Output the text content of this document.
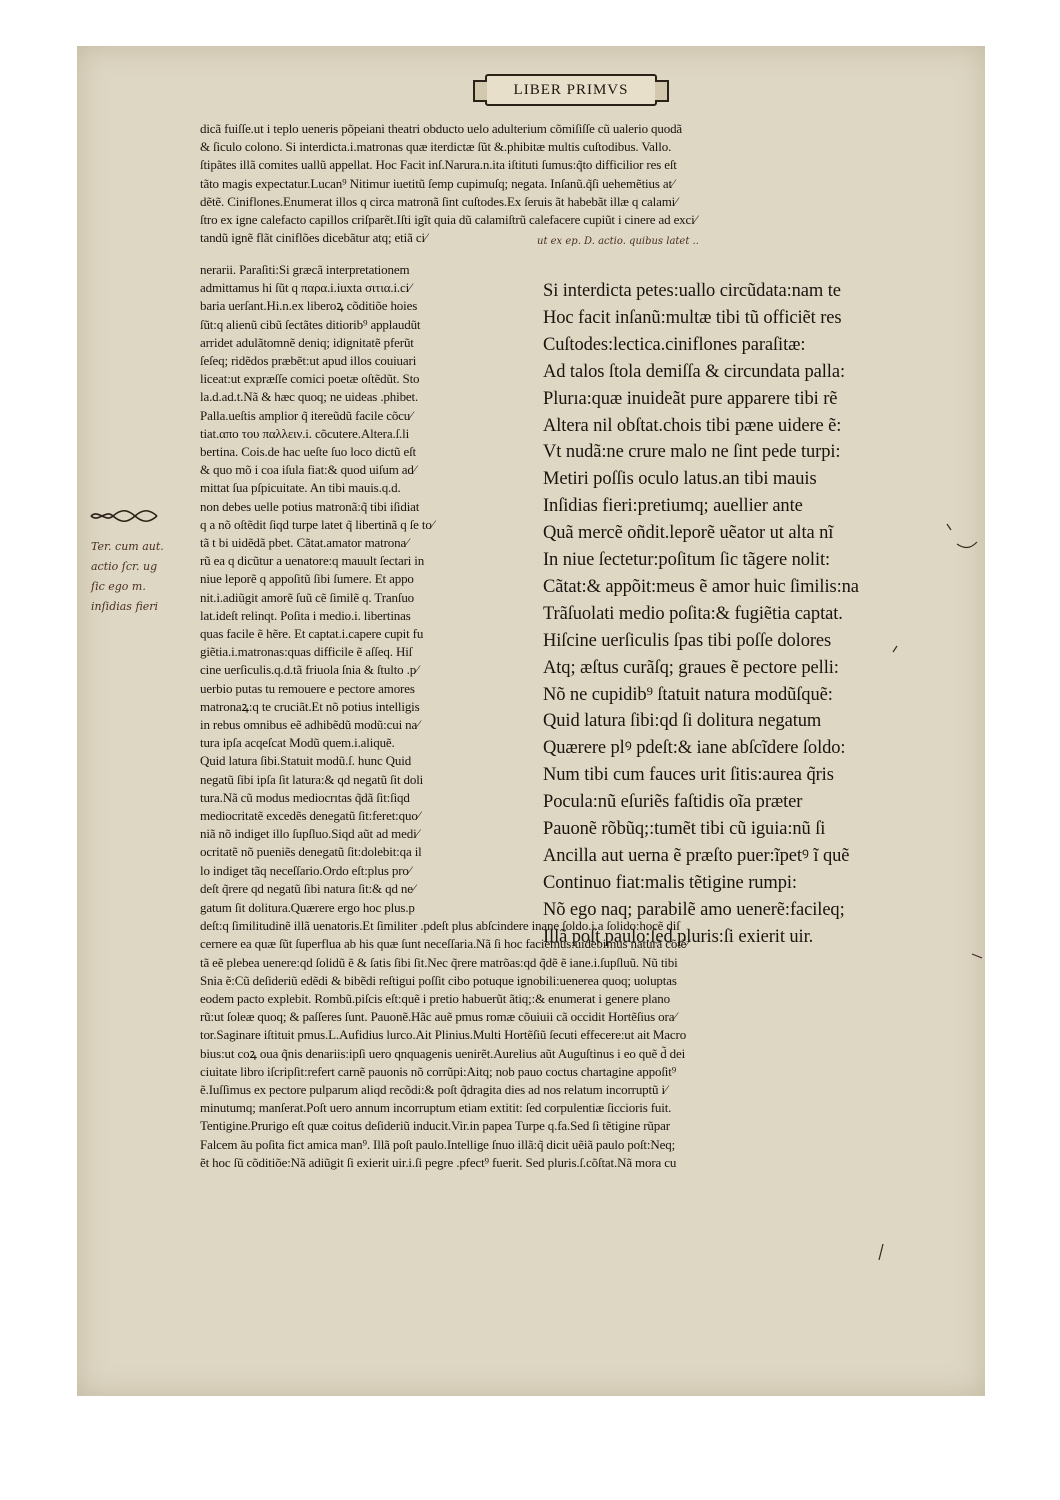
LIBER PRIMVS
dicã fuiſſe.ut i teplo ueneris põpeiani theatri obducto uelo adulterium cõmiſiſſe cũ ualerio quodã
& ſiculo colono. Si interdicta.i.matronas quæ iterdictæ ſũt &.phibitæ multis cuſtodibus. Vallo.
ſtipãtes illã comites uallũ appellat. Hoc Facit inſ.Narura.n.ita iſtituti ſumus:q̃to difficilior res eſt
tãto magis expectatur.Lucan⁹ Nitimur iuetitũ ſemp cupimuſq; negata. Inſanũ.q̃ſi uehemẽtius at⁄
dẽtẽ. Ciniflones.Enumerat illos q circa matronã ſint cuſtodes.Ex ſeruis ãt habebãt illæ q calami⁄
ſtro ex igne calefacto capillos criſparẽt.Iſti igĩt quia dũ calamiſtrũ calefacere cupiũt i cinere ad exci⁄
tandũ ignẽ flãt ciniflões dicebãtur atq; etiã ci⁄
nerarii. Paraſiti:Si græcã interpretationem
admittamus hi ſũt q παρα.i.iuxta σιτια.i.ci⁄
baria uerſant.Hi.n.ex liberoꝝ cõditiõe hoies
ſũt:q alienũ cibũ ſectãtes ditiorib⁹ applaudũt
arridet adulãtomnẽ deniq; idignitatẽ pferũt
ſeſeq; ridẽdos præbẽt:ut apud illos couiuari
liceat:ut expræſſe comici poetæ oſtẽdũt. Sto
la.d.ad.t.Nã & hæc quoq; ne uideas .phibet.
Palla.ueſtis amplior q̃ itereũdũ facile cõcu⁄
tiat.απο του παλλειν.i. cõcutere.Altera.ſ.li
bertina. Cois.de hac ueſte ſuo loco dictũ eſt
& quo mõ i coa iſula fiat:& quod uiſum ad⁄
mittat ſua pſpicuitate. An tibi mauis.q.d.
non debes uelle potius matronã:q̃ tibi iſidiat
q a nõ oſtẽdit ſiqd turpe latet q̃ libertinã q ſe to⁄
tã t bi uidẽdã pbet. Cãtat.amator matrona⁄
rũ ea q dicũtur a uenatore:q mauult ſectari in
niue leporẽ q appoſitũ ſibi ſumere. Et appo
nit.i.adiũgit amorẽ ſuũ cẽ ſimilẽ q. Tranſuo
lat.ideſt relinqt. Poſita i medio.i. libertinas
quas facile ẽ hẽre. Et captat.i.capere cupit fu
giẽtia.i.matronas:quas difficile ẽ aſſeq. Hiſ
cine uerſiculis.q.d.tã friuola ſnia & ſtulto .p⁄
uerbio putas tu remouere e pectore amores
matronaꝝ:q te cruciãt.Et nõ potius intelligis
in rebus omnibus eẽ adhibẽdũ modũ:cui na⁄
tura ipſa acqeſcat Modũ quem.i.aliquẽ.
Quid latura ſibi.Statuit modũ.ſ. hunc Quid
negatũ ſibi ipſa ſit latura:& qd negatũ ſit doli
tura.Nã cũ modus mediocrıtas q̃dã ſit:ſiqd
mediocritatẽ excedẽs denegatũ ſit:feret:quo⁄
niã nõ indiget illo ſupſluo.Siqd aũt ad medi⁄
ocritatẽ nõ pueniẽs denegatũ ſit:dolebit:qa il
lo indiget tãq neceſſario.Ordo eſt:plus pro⁄
deſt q̃rere qd negatũ ſibi natura ſit:& qd ne⁄
Si interdicta petes:uallo circũdata:nam te
Hoc facit inſanũ:multæ tibi tũ officiẽt res
Cuſtodes:lectica.ciniflones paraſitæ:
Ad talos ſtola demiſſa & circundata palla:
Plurıa:quæ inuideãt pure apparere tibi rẽ
Altera nil obſtat.chois tibi pæne uidere ẽ:
Vt nudã:ne crure malo ne ſint pede turpi:
Metiri poſſis oculo latus.an tibi mauis
Inſidias fieri:pretiumq; auellier ante
Quã mercẽ oñdit.leporẽ uẽator ut alta nĩ
In niue ſectetur:poſitum ſic tãgere nolit:
Cãtat:& appõit:meus ẽ amor huic ſimilis:na
Trãſuolati medio poſita:& fugiẽtia captat.
Hiſcine uerſiculis ſpas tibi poſſe dolores
Atq; æſtus curãſq; graues ẽ pectore pelli:
Nõ ne cupidib⁹ ſtatuit natura modũſquẽ:
Quid latura ſibi:qd ſi dolitura negatum
Quærere plꝰ pdeſt:& iane abſcĩdere ſoldo:
Num tibi cum fauces urit ſitis:aurea q̃ris
Pocula:nũ eſuriẽs faſtidis oĩa præter
Pauonẽ rõbũq;:tumẽt tibi cũ iguia:nũ ſi
Ancilla aut uerna ẽ præſto puer:ĩpetꝰ ĩ quẽ
Continuo fiat:malis tẽtigine rumpi:
Nõ ego naq; parabilẽ amo uenerẽ:facileq;
Illã poſt paulo:ſed pluris:ſi exierit uir.
gatum ſit dolitura.Quærere ergo hoc plus.p
deſt:q ſimilitudinẽ illã uenatoris.Et ſimiliter .pdeſt plus abſcindere inane ſoldo.i.a ſolido:hocẽ diſ
cernere ea quæ ſũt ſuperflua ab his quæ ſunt neceſſaria.Nã ſi hoc faciemus:uidebimus naturã cõtẽ⁄
tã eẽ plebea uenere:qd ſolidũ ẽ & ſatis ſibi ſit.Nec q̃rere matrõas:qd q̃dẽ ẽ iane.i.ſupſluũ. Nũ tibi
Snia ẽ:Cũ deſideriũ edẽdi & bibẽdi reſtigui poſſit cibo potuque ignobili:uenerea quoq; uoluptas
eodem pacto explebit. Rombũ.piſcis eſt:quẽ i pretio habuerũt ãtiq;:& enumerat i genere plano
rũ:ut ſoleæ quoq; & paſſeres ſunt. Pauonẽ.Hãc auẽ pmus romæ cõuiuii cã occidit Hortẽſius ora⁄
tor.Saginare iſtituit pmus.L.Aufidius lurco.Ait Plinius.Multi Hortẽſiũ ſecuti effecere:ut ait Macro
bius:ut coꝝ oua q̃nis denariis:ipſi uero qnquagenis uenirẽt.Aurelius aũt Auguſtinus i eo quẽ d̃ dei
ciuitate libro iſcripſit:refert carnẽ pauonis nõ corrũpi:Aitq; nob pauo coctus chartagine appoſit⁹
ẽ.Iuſſimus ex pectore pulparum aliqd recõdi:& poſt q̃dragita dies ad nos relatum incorruptũ i⁄
minutumq; manſerat.Poſt uero annum incorruptum etiam extitit: ſed corpulentiæ ſiccioris fuit.
Tentigine.Prurigo eſt quæ coitus deſideriũ inducit.Vir.in papea Turpe q.fa.Sed ſi tẽtigine rũpar
Falcem ãu poſita fict amica man⁹. Illã poſt paulo.Intellige ſnuo illã:q̃ dicit uẽiã paulo poſt:Neq;
ẽt hoc ſũ cõditiõe:Nã adiũgit ſi exierit uir.i.ſi pegre .pfect⁹ fuerit. Sed pluris.ſ.cõſtat.Nã mora cu
ut ex ep. D. actio. quibus latet ..
Ter. cum aut.
actio ſcr. ug
ſic ego m.
inſidias fieri
